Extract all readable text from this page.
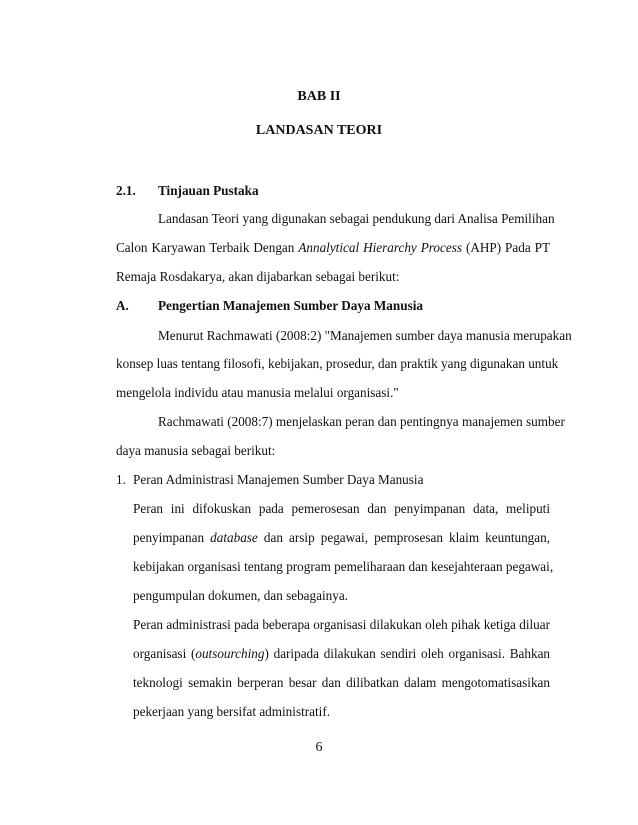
BAB II
LANDASAN TEORI
2.1. Tinjauan Pustaka
Landasan Teori yang digunakan sebagai pendukung dari Analisa Pemilihan
Calon Karyawan Terbaik Dengan Annalytical Hierarchy Process (AHP) Pada PT
Remaja Rosdakarya, akan dijabarkan sebagai berikut:
A. Pengertian Manajemen Sumber Daya Manusia
Menurut Rachmawati (2008:2) "Manajemen sumber daya manusia merupakan
konsep luas tentang filosofi, kebijakan, prosedur, dan praktik yang digunakan untuk
mengelola individu atau manusia melalui organisasi."
Rachmawati (2008:7) menjelaskan peran dan pentingnya manajemen sumber
daya manusia sebagai berikut:
1. Peran Administrasi Manajemen Sumber Daya Manusia
Peran ini difokuskan pada pemerosesan dan penyimpanan data, meliputi
penyimpanan database dan arsip pegawai, pemprosesan klaim keuntungan,
kebijakan organisasi tentang program pemeliharaan dan kesejahteraan pegawai,
pengumpulan dokumen, dan sebagainya.
Peran administrasi pada beberapa organisasi dilakukan oleh pihak ketiga diluar
organisasi (outsourching) daripada dilakukan sendiri oleh organisasi. Bahkan
teknologi semakin berperan besar dan dilibatkan dalam mengotomatisasikan
pekerjaan yang bersifat administratif.
6
